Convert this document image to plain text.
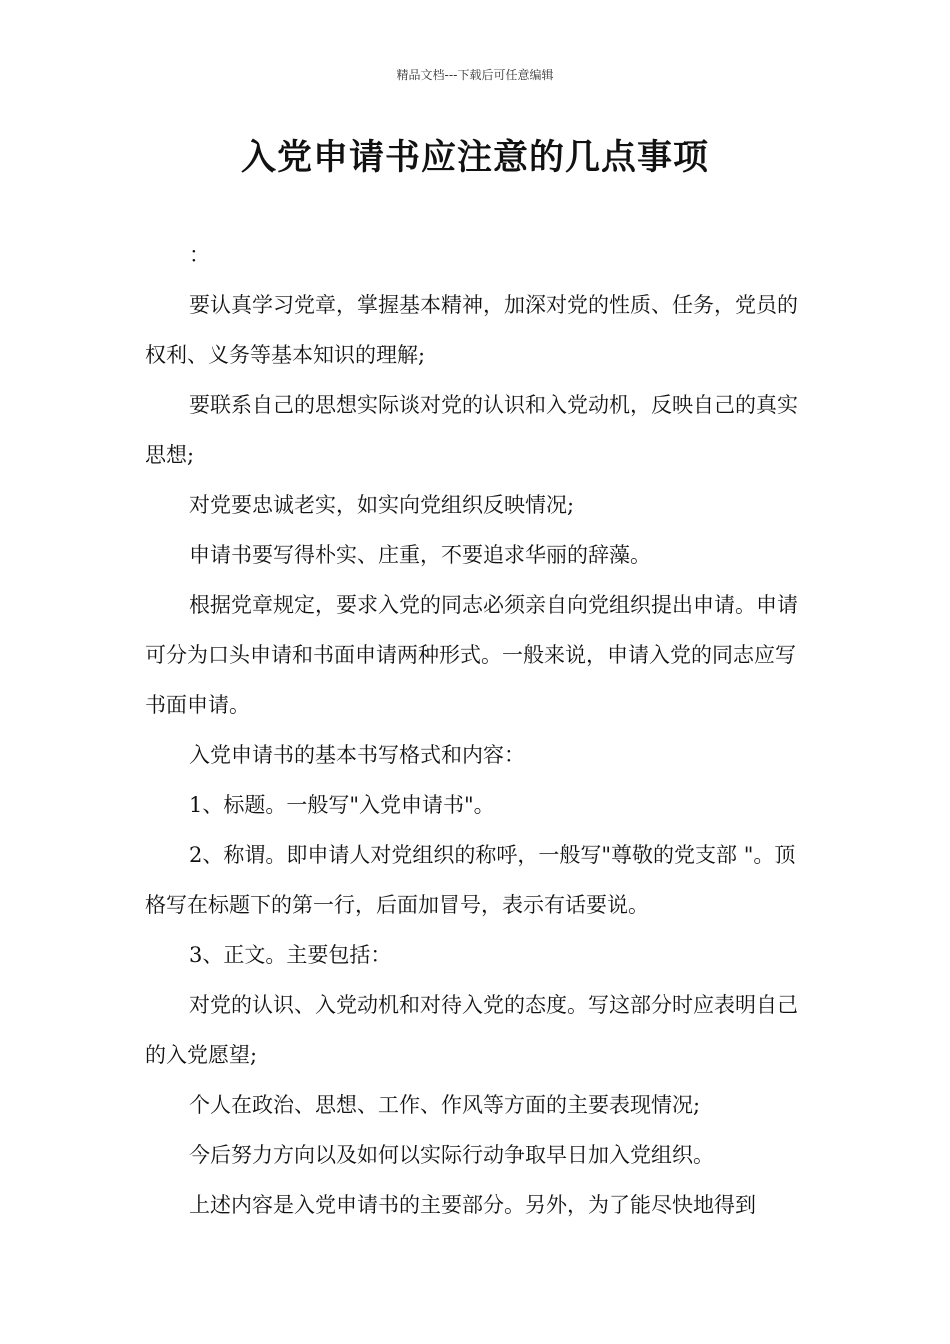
精品文档---下载后可任意编辑
入党申请书应注意的几点事项

：

要认真学习党章，掌握基本精神，加深对党的性质、任务，党员的权利、义务等基本知识的理解;

要联系自己的思想实际谈对党的认识和入党动机，反映自己的真实思想;

对党要忠诚老实，如实向党组织反映情况;

申请书要写得朴实、庄重，不要追求华丽的辞藻。

根据党章规定，要求入党的同志必须亲自向党组织提出申请。申请可分为口头申请和书面申请两种形式。一般来说，申请入党的同志应写书面申请。

入党申请书的基本书写格式和内容：

1、标题。一般写"入党申请书"。

2、称谓。即申请人对党组织的称呼，一般写"尊敬的党支部 "。顶格写在标题下的第一行，后面加冒号，表示有话要说。

3、正文。主要包括：

对党的认识、入党动机和对待入党的态度。写这部分时应表明自己的入党愿望;

个人在政治、思想、工作、作风等方面的主要表现情况;

今后努力方向以及如何以实际行动争取早日加入党组织。

上述内容是入党申请书的主要部分。另外，为了能尽快地得到
